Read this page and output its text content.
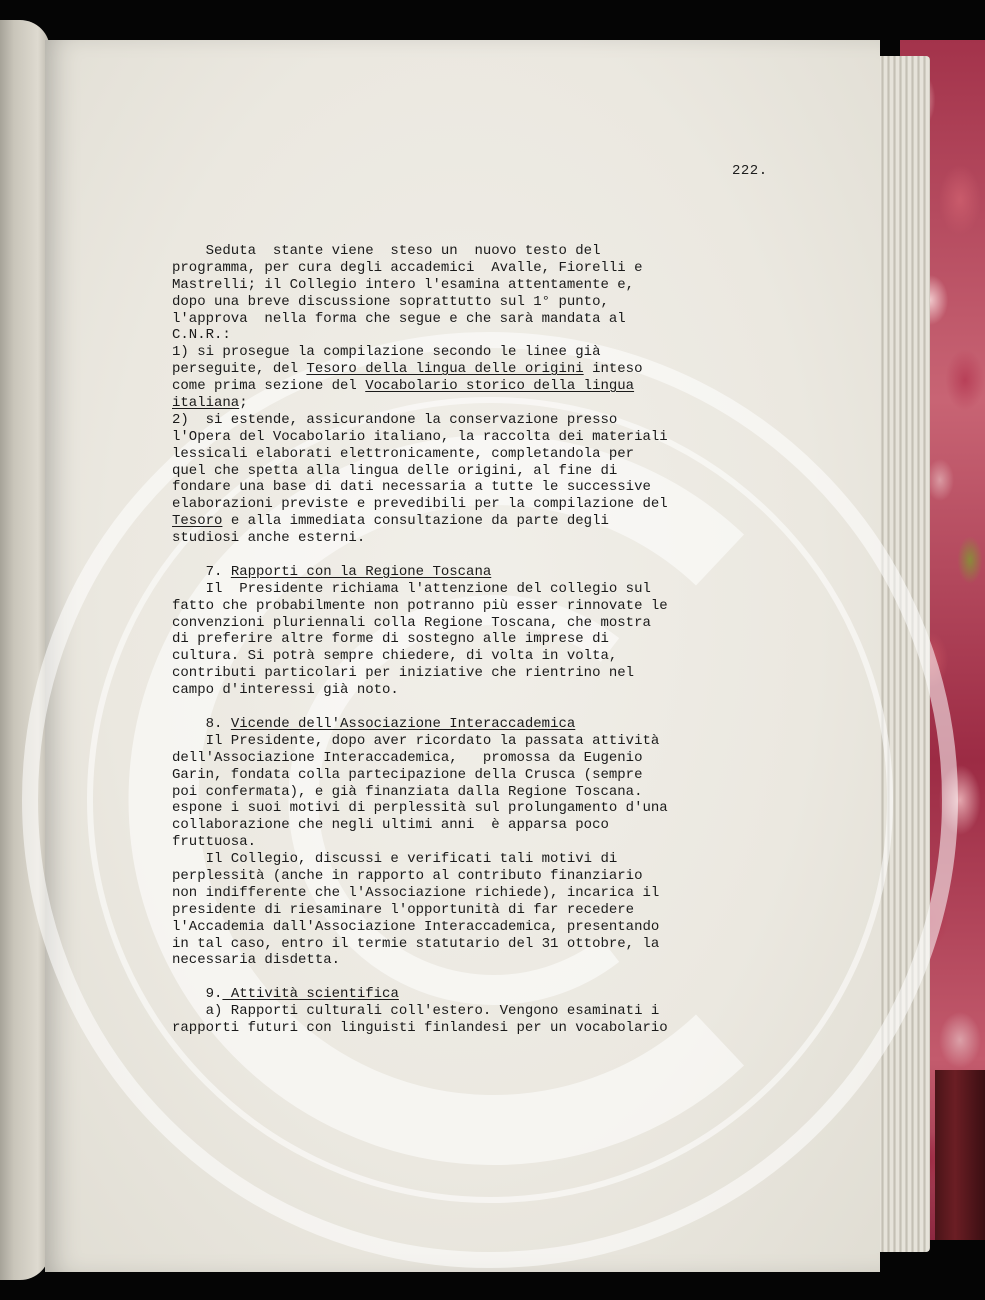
222.
Seduta  stante viene  steso un  nuovo testo del
programma, per cura degli accademici  Avalle, Fiorelli e
Mastrelli; il Collegio intero l'esamina attentamente e,
dopo una breve discussione soprattutto sul 1° punto,
l'approva  nella forma che segue e che sarà mandata al
C.N.R.:
1) si prosegue la compilazione secondo le linee già
perseguite, del Tesoro della lingua delle origini inteso
come prima sezione del Vocabolario storico della lingua
italiana;
2)  si estende, assicurandone la conservazione presso
l'Opera del Vocabolario italiano, la raccolta dei materiali
lessicali elaborati elettronicamente, completandola per
quel che spetta alla lingua delle origini, al fine di
fondare una base di dati necessaria a tutte le successive
elaborazioni previste e prevedibili per la compilazione del
Tesoro e alla immediata consultazione da parte degli
studiosi anche esterni.
7. Rapporti con la Regione Toscana
Il  Presidente richiama l'attenzione del collegio sul
fatto che probabilmente non potranno più esser rinnovate le
convenzioni pluriennali colla Regione Toscana, che mostra
di preferire altre forme di sostegno alle imprese di
cultura. Si potrà sempre chiedere, di volta in volta,
contributi particolari per iniziative che rientrino nel
campo d'interessi già noto.
8. Vicende dell'Associazione Interaccademica
Il Presidente, dopo aver ricordato la passata attività
dell'Associazione Interaccademica,   promossa da Eugenio
Garin, fondata colla partecipazione della Crusca (sempre
poi confermata), e già finanziata dalla Regione Toscana.
espone i suoi motivi di perplessità sul prolungamento d'una
collaborazione che negli ultimi anni  è apparsa poco
fruttuosa.
Il Collegio, discussi e verificati tali motivi di
perplessità (anche in rapporto al contributo finanziario
non indifferente che l'Associazione richiede), incarica il
presidente di riesaminare l'opportunità di far recedere
l'Accademia dall'Associazione Interaccademica, presentando
in tal caso, entro il termie statutario del 31 ottobre, la
necessaria disdetta.
9. Attività scientifica
a) Rapporti culturali coll'estero. Vengono esaminati i
rapporti futuri con linguisti finlandesi per un vocabolario
